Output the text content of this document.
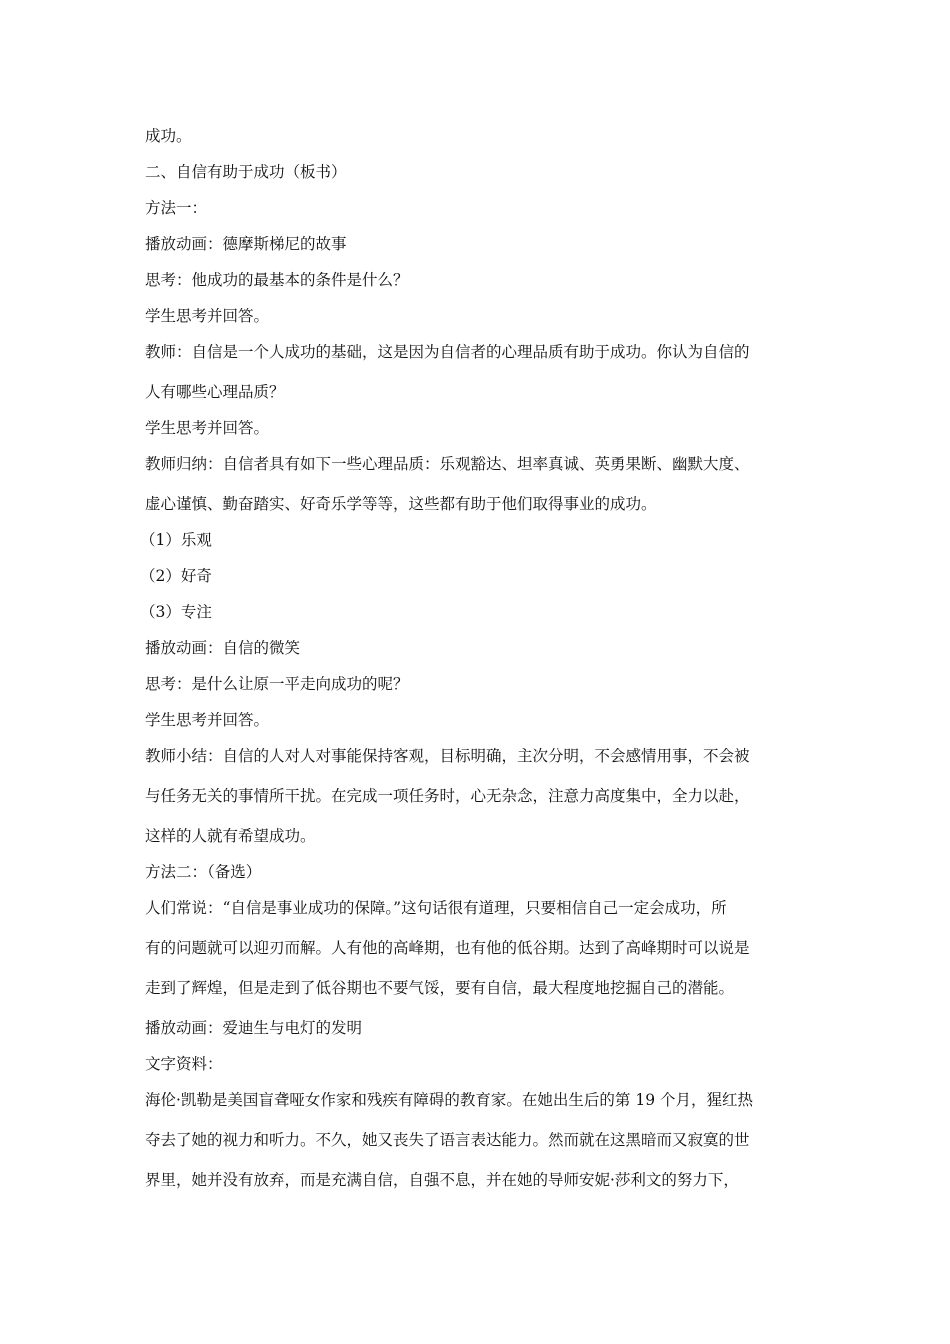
成功。
二、自信有助于成功（板书）
方法一：
播放动画：德摩斯梯尼的故事
思考：他成功的最基本的条件是什么？
学生思考并回答。
教师：自信是一个人成功的基础，这是因为自信者的心理品质有助于成功。你认为自信的
人有哪些心理品质？
学生思考并回答。
教师归纳：自信者具有如下一些心理品质：乐观豁达、坦率真诚、英勇果断、幽默大度、
虚心谨慎、勤奋踏实、好奇乐学等等，这些都有助于他们取得事业的成功。
（1）乐观
（2）好奇
（3）专注
播放动画：自信的微笑
思考：是什么让原一平走向成功的呢？
学生思考并回答。
教师小结：自信的人对人对事能保持客观，目标明确，主次分明，不会感情用事，不会被
与任务无关的事情所干扰。在完成一项任务时，心无杂念，注意力高度集中，全力以赴，
这样的人就有希望成功。
方法二：（备选）
人们常说：“自信是事业成功的保障。”这句话很有道理，只要相信自己一定会成功，所
有的问题就可以迎刃而解。人有他的高峰期，也有他的低谷期。达到了高峰期时可以说是
走到了辉煌，但是走到了低谷期也不要气馁，要有自信，最大程度地挖掘自己的潜能。
播放动画：爱迪生与电灯的发明
文字资料：
海伦·凯勒是美国盲聋哑女作家和残疾有障碍的教育家。在她出生后的第 19 个月，猩红热
夺去了她的视力和听力。不久，她又丧失了语言表达能力。然而就在这黑暗而又寂寞的世
界里，她并没有放弃，而是充满自信，自强不息，并在她的导师安妮·莎利文的努力下，
